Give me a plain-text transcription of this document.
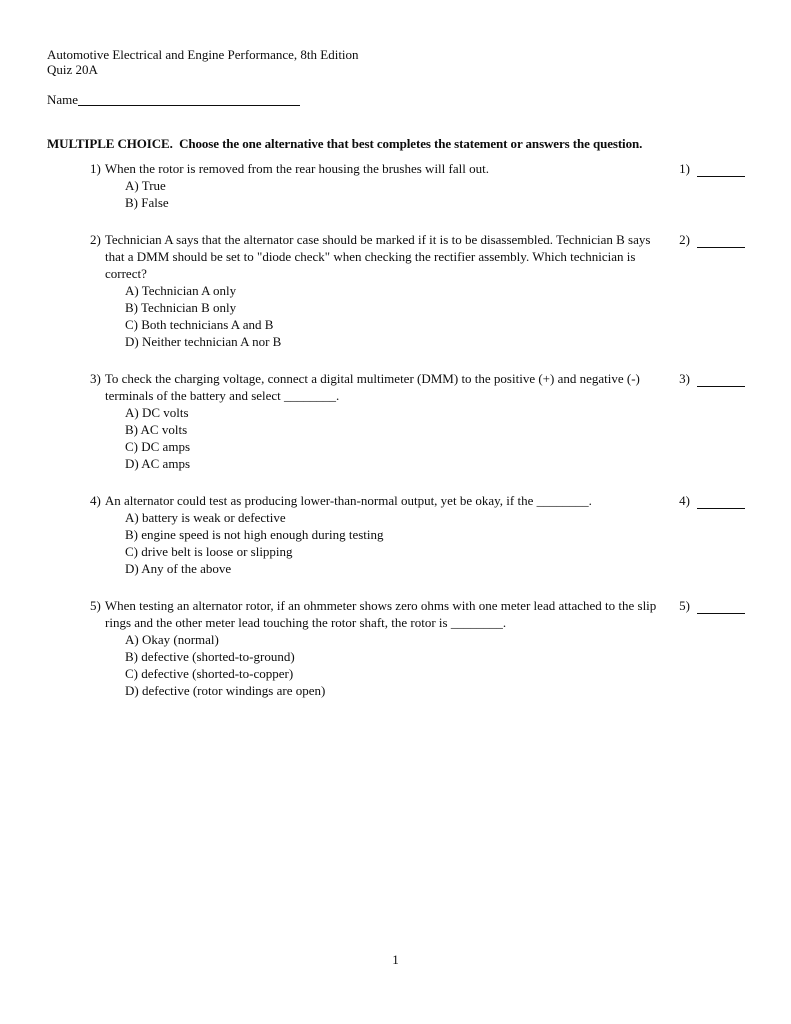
Automotive Electrical and Engine Performance, 8th Edition
Quiz 20A
Name
MULTIPLE CHOICE.  Choose the one alternative that best completes the statement or answers the question.
1) When the rotor is removed from the rear housing the brushes will fall out.
A) True
B) False
1)
2) Technician A says that the alternator case should be marked if it is to be disassembled. Technician B says that a DMM should be set to "diode check" when checking the rectifier assembly. Which technician is correct?
A) Technician A only
B) Technician B only
C) Both technicians A and B
D) Neither technician A nor B
2)
3) To check the charging voltage, connect a digital multimeter (DMM) to the positive (+) and negative (-) terminals of the battery and select ________.
A) DC volts
B) AC volts
C) DC amps
D) AC amps
3)
4) An alternator could test as producing lower-than-normal output, yet be okay, if the ________.
A) battery is weak or defective
B) engine speed is not high enough during testing
C) drive belt is loose or slipping
D) Any of the above
4)
5) When testing an alternator rotor, if an ohmmeter shows zero ohms with one meter lead attached to the slip rings and the other meter lead touching the rotor shaft, the rotor is ________.
A) Okay (normal)
B) defective (shorted-to-ground)
C) defective (shorted-to-copper)
D) defective (rotor windings are open)
5)
1
